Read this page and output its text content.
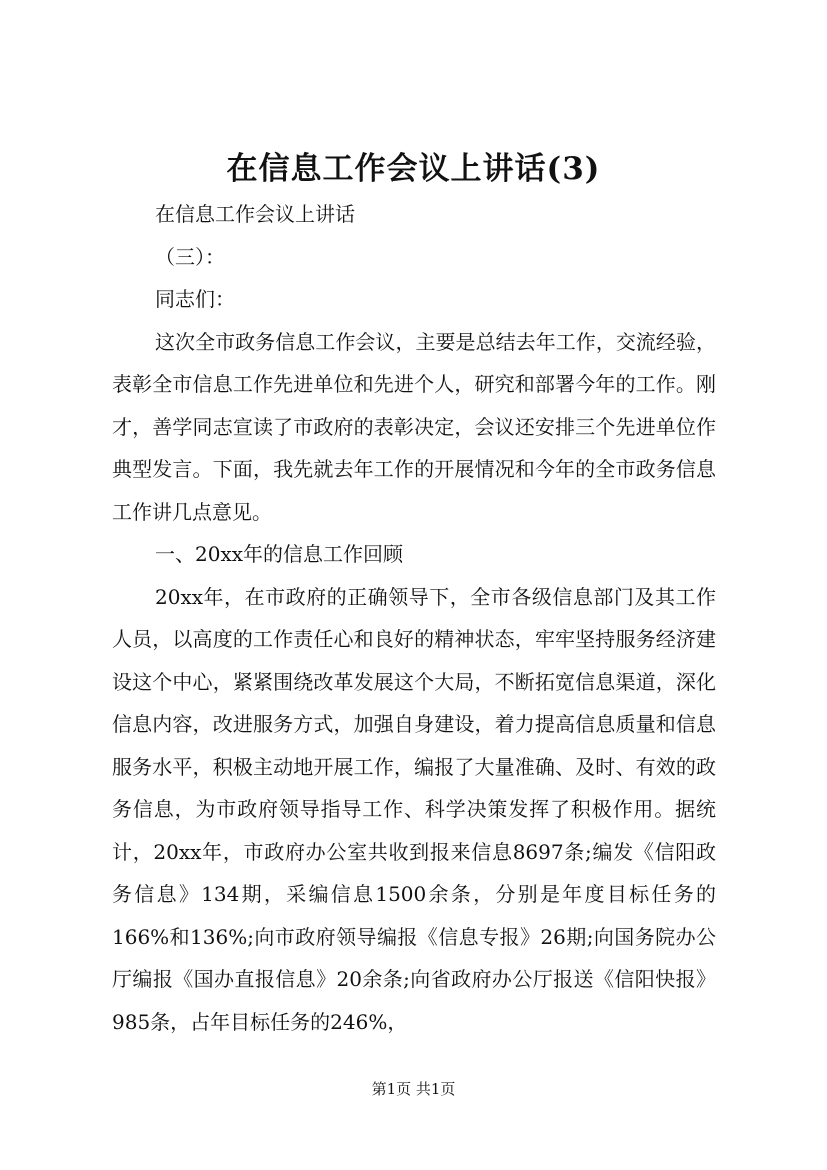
在信息工作会议上讲话(3)

在信息工作会议上讲话

（三）：

同志们：

这次全市政务信息工作会议，主要是总结去年工作，交流经验，表彰全市信息工作先进单位和先进个人，研究和部署今年的工作。刚才，善学同志宣读了市政府的表彰决定，会议还安排三个先进单位作典型发言。下面，我先就去年工作的开展情况和今年的全市政务信息工作讲几点意见。

一、20xx年的信息工作回顾

20xx年，在市政府的正确领导下，全市各级信息部门及其工作人员，以高度的工作责任心和良好的精神状态，牢牢坚持服务经济建设这个中心，紧紧围绕改革发展这个大局，不断拓宽信息渠道，深化信息内容，改进服务方式，加强自身建设，着力提高信息质量和信息服务水平，积极主动地开展工作，编报了大量准确、及时、有效的政务信息，为市政府领导指导工作、科学决策发挥了积极作用。据统计，20xx年，市政府办公室共收到报来信息8697条;编发《信阳政务信息》134期，采编信息1500余条，分别是年度目标任务的166%和136%;向市政府领导编报《信息专报》26期;向国务院办公厅编报《国办直报信息》20余条;向省政府办公厅报送《信阳快报》985条，占年目标任务的246%，

第1页 共1页
